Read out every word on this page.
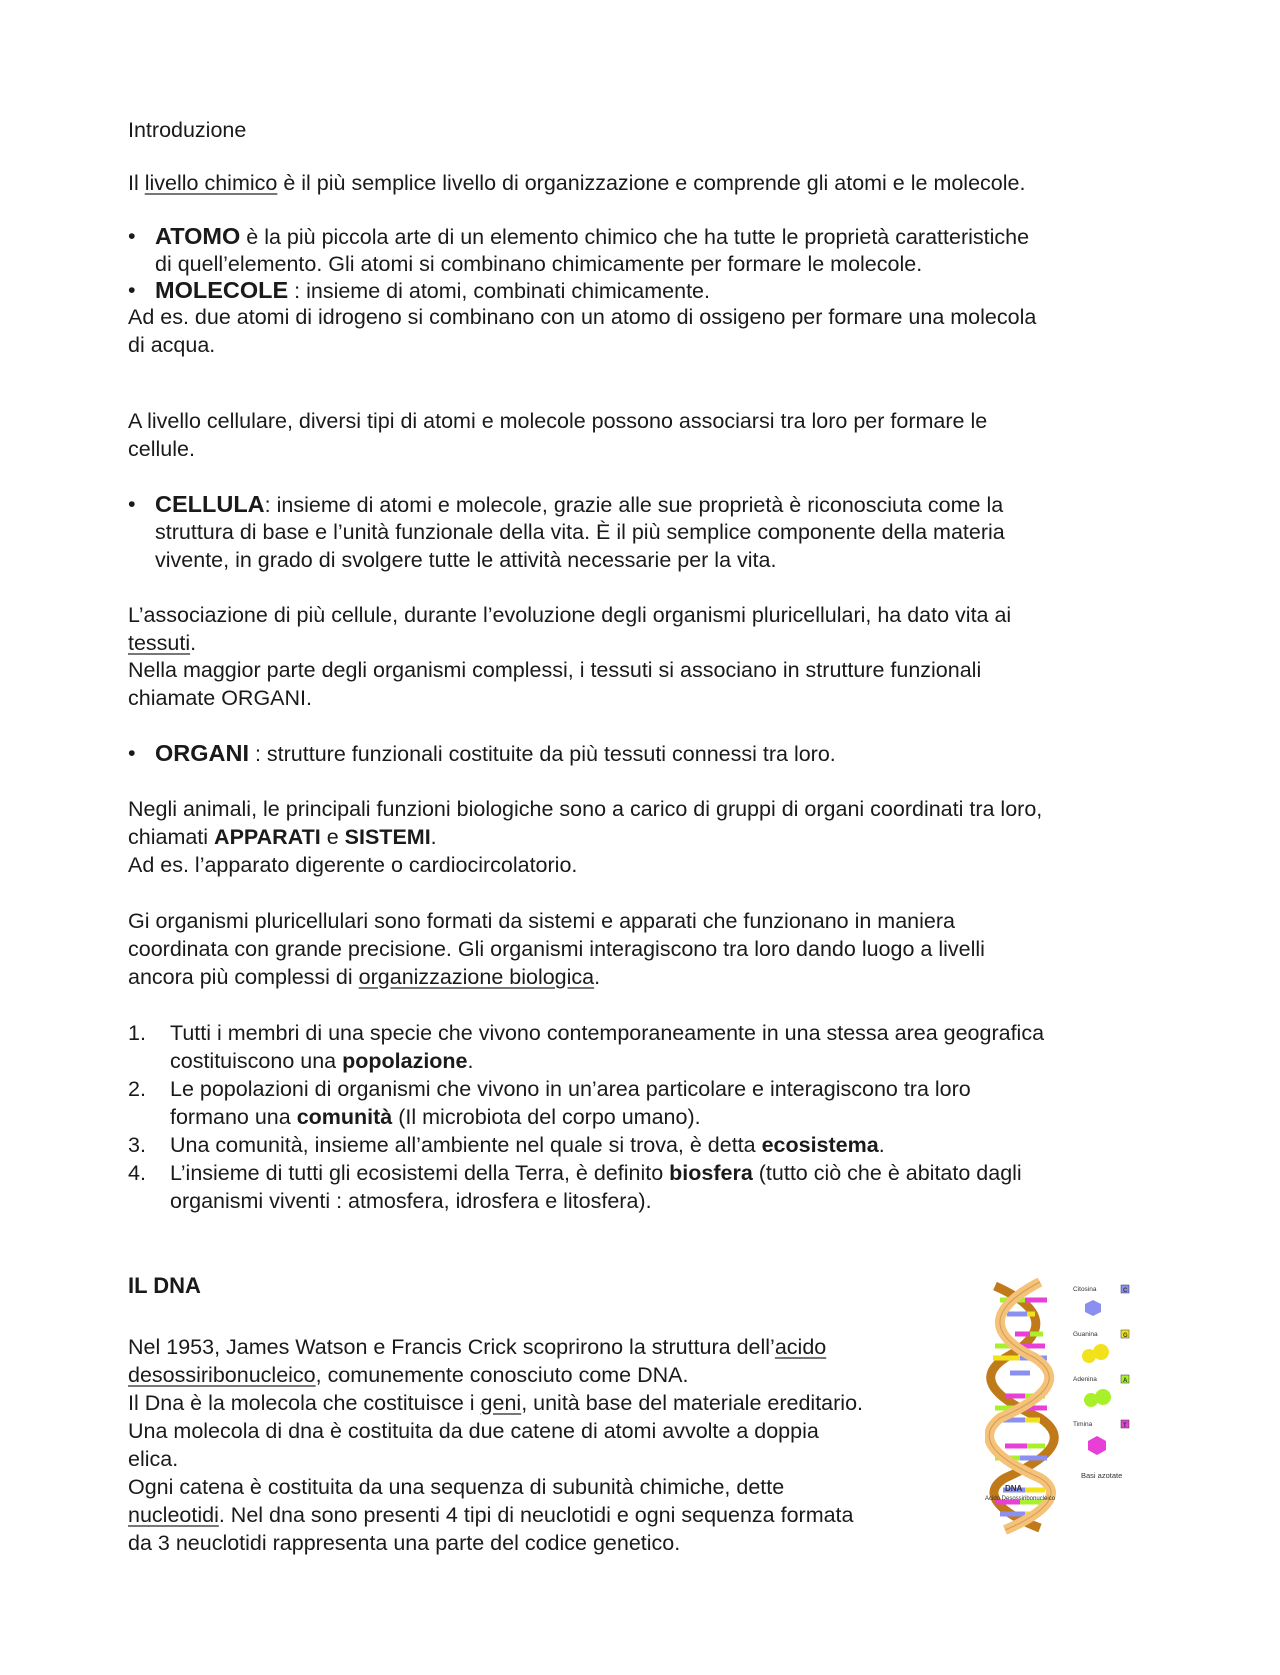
Introduzione
Il livello chimico è il più semplice livello di organizzazione e comprende gli atomi e le molecole.
• ATOMO è la più piccola arte di un elemento chimico che ha tutte le proprietà caratteristiche
di quell’elemento. Gli atomi si combinano chimicamente per formare le molecole.
• MOLECOLE : insieme di atomi, combinati chimicamente.
Ad es. due atomi di idrogeno si combinano con un atomo di ossigeno per formare una molecola
di acqua.
A livello cellulare, diversi tipi di atomi e molecole possono associarsi tra loro per formare le
cellule.
• CELLULA: insieme di atomi e molecole, grazie alle sue proprietà è riconosciuta come la
struttura di base e l’unità funzionale della vita. È il più semplice componente della materia
vivente, in grado di svolgere tutte le attività necessarie per la vita.
L’associazione di più cellule, durante l’evoluzione degli organismi pluricellulari, ha dato vita ai
tessuti.
Nella maggior parte degli organismi complessi, i tessuti si associano in strutture funzionali
chiamate ORGANI.
• ORGANI : strutture funzionali costituite da più tessuti connessi tra loro.
Negli animali, le principali funzioni biologiche sono a carico di gruppi di organi coordinati tra loro,
chiamati APPARATI e SISTEMI.
Ad es. l’apparato digerente o cardiocircolatorio.
Gi organismi pluricellulari sono formati da sistemi e apparati che funzionano in maniera
coordinata con grande precisione. Gli organismi interagiscono tra loro dando luogo a livelli
ancora più complessi di organizzazione biologica.
1. Tutti i membri di una specie che vivono contemporaneamente in una stessa area geografica
costituiscono una popolazione.
2. Le popolazioni di organismi che vivono in un’area particolare e interagiscono tra loro
formano una comunità (Il microbiota del corpo umano).
3. Una comunità, insieme all’ambiente nel quale si trova, è detta ecosistema.
4. L’insieme di tutti gli ecosistemi della Terra, è definito biosfera (tutto ciò che è abitato dagli
organismi viventi : atmosfera, idrosfera e litosfera).
IL DNA
Nel 1953, James Watson e Francis Crick scoprirono la struttura dell’acido
desossiribonucleico, comunemente conosciuto come DNA.
Il Dna è la molecola che costituisce i geni, unità base del materiale ereditario.
Una molecola di dna è costituita da due catene di atomi avvolte a doppia
elica.
Ogni catena è costituita da una sequenza di subunità chimiche, dette
nucleotidi. Nel dna sono presenti 4 tipi di neuclotidi e ogni sequenza formata
da 3 neuclotidi rappresenta una parte del codice genetico.
Citosina	C
Guanina	G
Adenina	A
Timina	T
Basi azotate
DNA
Acido Desossiribonucleico
